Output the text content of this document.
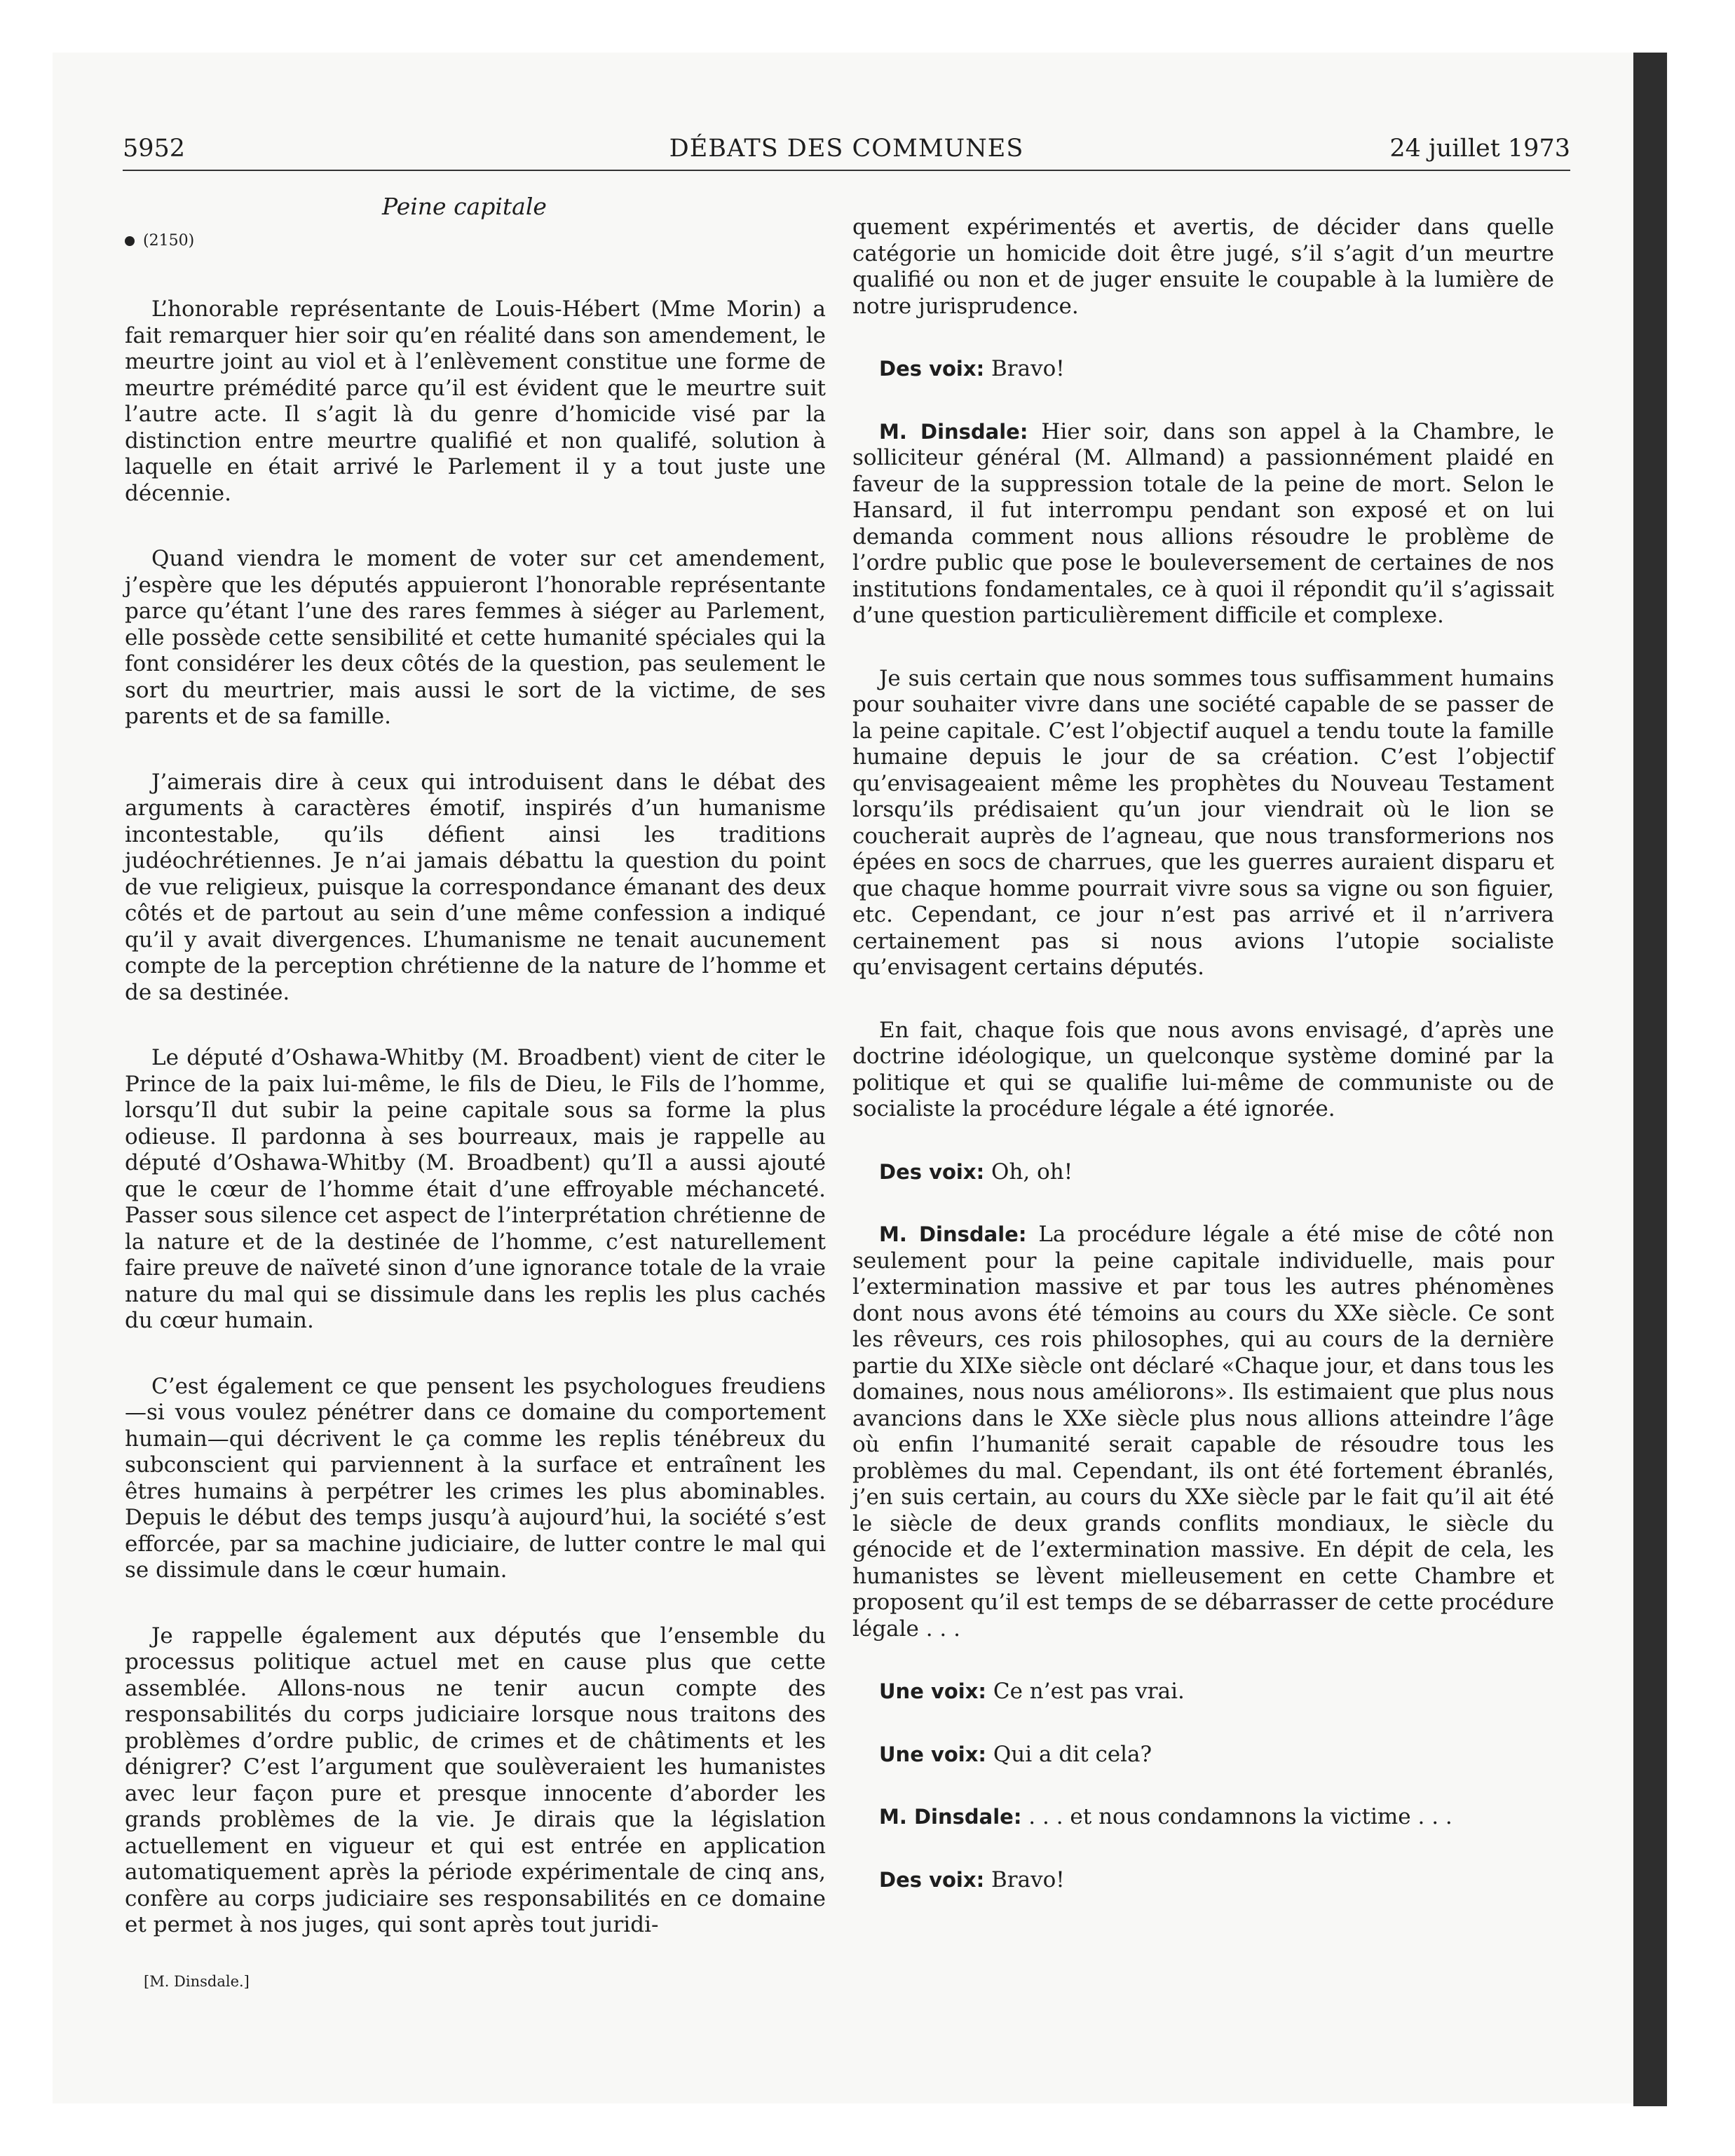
5952	DÉBATS DES COMMUNES	24 juillet 1973
Peine capitale
(2150)

L’honorable représentante de Louis-Hébert (Mme Morin) a fait remarquer hier soir qu’en réalité dans son amendement, le meurtre joint au viol et à l’enlèvement constitue une forme de meurtre prémédité parce qu’il est évident que le meurtre suit l’autre acte. Il s’agit là du genre d’homicide visé par la distinction entre meurtre qualifié et non qualifé, solution à laquelle en était arrivé le Parlement il y a tout juste une décennie.

Quand viendra le moment de voter sur cet amendement, j’espère que les députés appuieront l’honorable représentante parce qu’étant l’une des rares femmes à siéger au Parlement, elle possède cette sensibilité et cette humanité spéciales qui la font considérer les deux côtés de la question, pas seulement le sort du meurtrier, mais aussi le sort de la victime, de ses parents et de sa famille.

J’aimerais dire à ceux qui introduisent dans le débat des arguments à caractères émotif, inspirés d’un humanisme incontestable, qu’ils défient ainsi les traditions judéochrétiennes. Je n’ai jamais débattu la question du point de vue religieux, puisque la correspondance émanant des deux côtés et de partout au sein d’une même confession a indiqué qu’il y avait divergences. L’humanisme ne tenait aucunement compte de la perception chrétienne de la nature de l’homme et de sa destinée.

Le député d’Oshawa-Whitby (M. Broadbent) vient de citer le Prince de la paix lui-même, le fils de Dieu, le Fils de l’homme, lorsqu’Il dut subir la peine capitale sous sa forme la plus odieuse. Il pardonna à ses bourreaux, mais je rappelle au député d’Oshawa-Whitby (M. Broadbent) qu’Il a aussi ajouté que le cœur de l’homme était d’une effroyable méchanceté. Passer sous silence cet aspect de l’interprétation chrétienne de la nature et de la destinée de l’homme, c’est naturellement faire preuve de naïveté sinon d’une ignorance totale de la vraie nature du mal qui se dissimule dans les replis les plus cachés du cœur humain.

C’est également ce que pensent les psychologues freudiens—si vous voulez pénétrer dans ce domaine du comportement humain—qui décrivent le ça comme les replis ténébreux du subconscient qui parviennent à la surface et entraînent les êtres humains à perpétrer les crimes les plus abominables. Depuis le début des temps jusqu’à aujourd’hui, la société s’est efforcée, par sa machine judiciaire, de lutter contre le mal qui se dissimule dans le cœur humain.

Je rappelle également aux députés que l’ensemble du processus politique actuel met en cause plus que cette assemblée. Allons-nous ne tenir aucun compte des responsabilités du corps judiciaire lorsque nous traitons des problèmes d’ordre public, de crimes et de châtiments et les dénigrer? C’est l’argument que soulèveraient les humanistes avec leur façon pure et presque innocente d’aborder les grands problèmes de la vie. Je dirais que la législation actuellement en vigueur et qui est entrée en application automatiquement après la période expérimentale de cinq ans, confère au corps judiciaire ses responsabilités en ce domaine et permet à nos juges, qui sont après tout juridi-

[M. Dinsdale.]

quement expérimentés et avertis, de décider dans quelle catégorie un homicide doit être jugé, s’il s’agit d’un meurtre qualifié ou non et de juger ensuite le coupable à la lumière de notre jurisprudence.

Des voix: Bravo!

M. Dinsdale: Hier soir, dans son appel à la Chambre, le solliciteur général (M. Allmand) a passionnément plaidé en faveur de la suppression totale de la peine de mort. Selon le Hansard, il fut interrompu pendant son exposé et on lui demanda comment nous allions résoudre le problème de l’ordre public que pose le bouleversement de certaines de nos institutions fondamentales, ce à quoi il répondit qu’il s’agissait d’une question particulièrement difficile et complexe.

Je suis certain que nous sommes tous suffisamment humains pour souhaiter vivre dans une société capable de se passer de la peine capitale. C’est l’objectif auquel a tendu toute la famille humaine depuis le jour de sa création. C’est l’objectif qu’envisageaient même les prophètes du Nouveau Testament lorsqu’ils prédisaient qu’un jour viendrait où le lion se coucherait auprès de l’agneau, que nous transformerions nos épées en socs de charrues, que les guerres auraient disparu et que chaque homme pourrait vivre sous sa vigne ou son figuier, etc. Cependant, ce jour n’est pas arrivé et il n’arrivera certainement pas si nous avions l’utopie socialiste qu’envisagent certains députés.

En fait, chaque fois que nous avons envisagé, d’après une doctrine idéologique, un quelconque système dominé par la politique et qui se qualifie lui-même de communiste ou de socialiste la procédure légale a été ignorée.

Des voix: Oh, oh!

M. Dinsdale: La procédure légale a été mise de côté non seulement pour la peine capitale individuelle, mais pour l’extermination massive et par tous les autres phénomènes dont nous avons été témoins au cours du XXe siècle. Ce sont les rêveurs, ces rois philosophes, qui au cours de la dernière partie du XIXe siècle ont déclaré «Chaque jour, et dans tous les domaines, nous nous améliorons». Ils estimaient que plus nous avancions dans le XXe siècle plus nous allions atteindre l’âge où enfin l’humanité serait capable de résoudre tous les problèmes du mal. Cependant, ils ont été fortement ébranlés, j’en suis certain, au cours du XXe siècle par le fait qu’il ait été le siècle de deux grands conflits mondiaux, le siècle du génocide et de l’extermination massive. En dépit de cela, les humanistes se lèvent mielleusement en cette Chambre et proposent qu’il est temps de se débarrasser de cette procédure légale . . .

Une voix: Ce n’est pas vrai.

Une voix: Qui a dit cela?

M. Dinsdale: . . . et nous condamnons la victime . . .

Des voix: Bravo!
